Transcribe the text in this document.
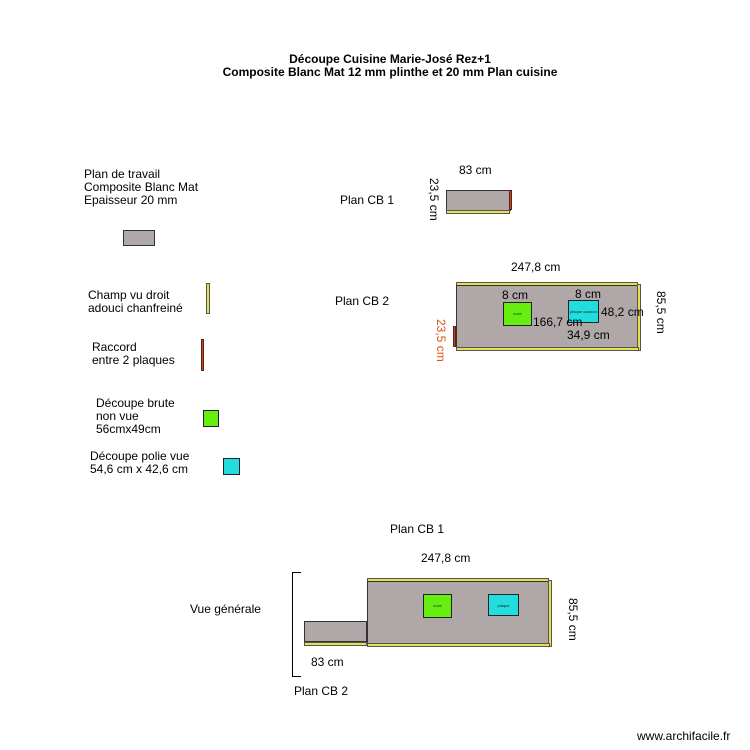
Découpe Cuisine Marie-José Rez+1
Composite Blanc Mat 12 mm plinthe et 20 mm Plan cuisine
Plan de travail
Composite Blanc Mat
Epaisseur 20 mm
Champ vu droit
adouci chanfreiné
Raccord
entre 2 plaques
Découpe brute
non vue
56cmx49cm
Découpe polie vue
54,6 cm x 42,6 cm
Plan CB 1
83 cm
23,5 cm
Plan CB 2
247,8 cm
85,5 cm
23,5 cm
cuve	plaque cuisson
8 cm	8 cm
166,7 cm
48,2 cm
34,9 cm
Plan CB 1
247,8 cm
85,5 cm
Vue générale
83 cm
Plan CB 2
cuve	plaque
www.archifacile.fr
